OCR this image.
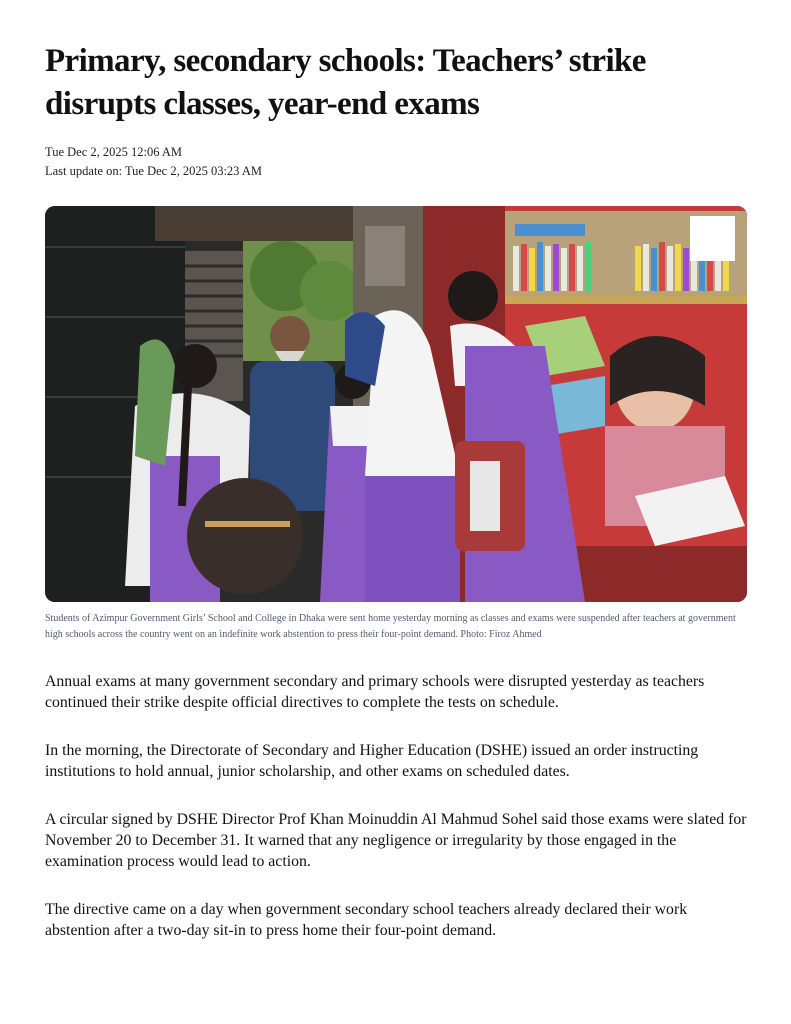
Primary, secondary schools: Teachers’ strike disrupts classes, year-end exams
Tue Dec 2, 2025 12:06 AM
Last update on: Tue Dec 2, 2025 03:23 AM

Students of Azimpur Government Girls’ School and College in Dhaka were sent home yesterday morning as classes and exams were suspended after teachers at government high schools across the country went on an indefinite work abstention to press their four-point demand. Photo: Firoz Ahmed

Annual exams at many government secondary and primary schools were disrupted yesterday as teachers continued their strike despite official directives to complete the tests on schedule.

In the morning, the Directorate of Secondary and Higher Education (DSHE) issued an order instructing institutions to hold annual, junior scholarship, and other exams on scheduled dates.

A circular signed by DSHE Director Prof Khan Moinuddin Al Mahmud Sohel said those exams were slated for November 20 to December 31. It warned that any negligence or irregularity by those engaged in the examination process would lead to action.

The directive came on a day when government secondary school teachers already declared their work abstention after a two-day sit-in to press home their four-point demand.
